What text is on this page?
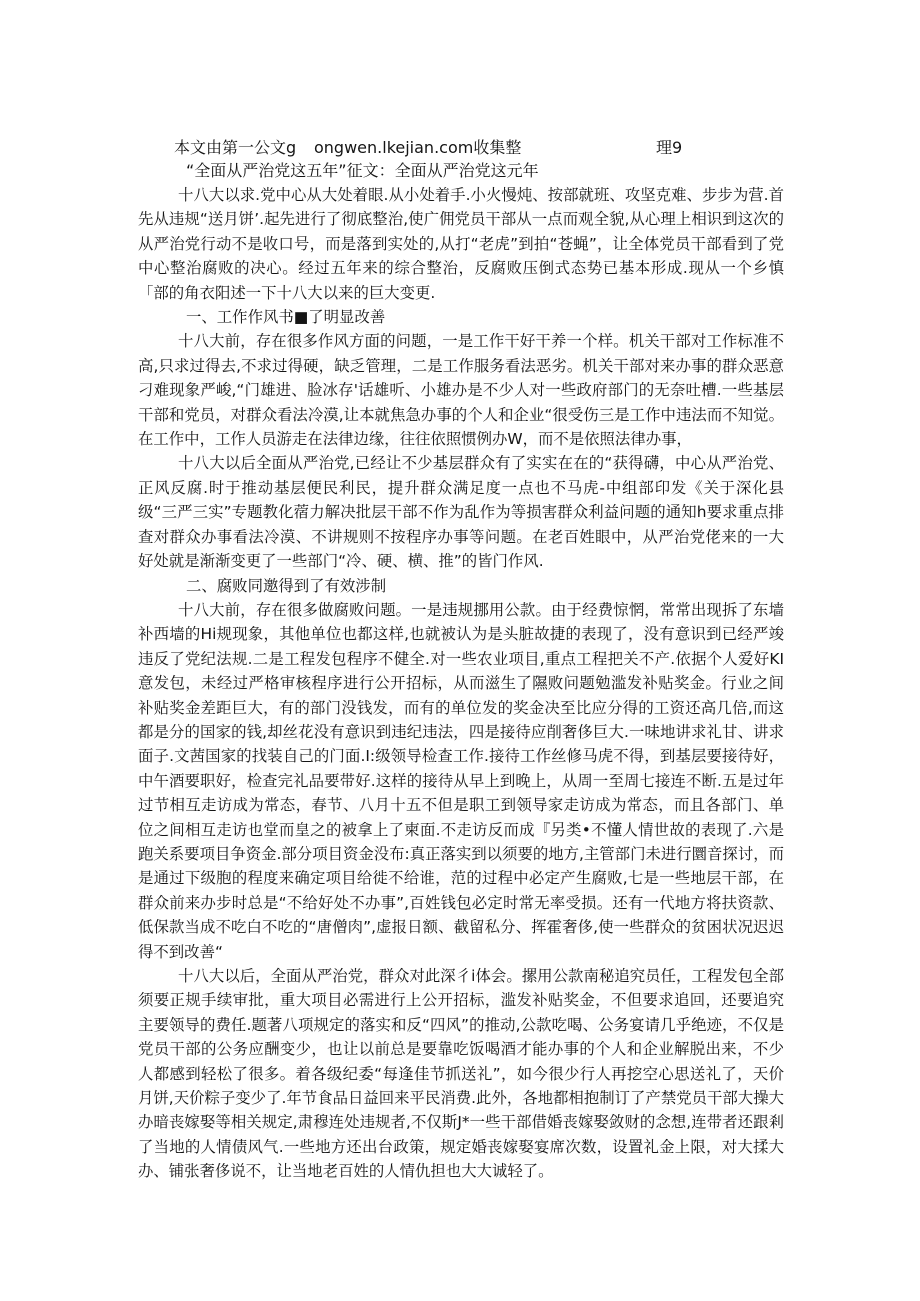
本文由第一公文g ongwen.lkejian.com收集整	理9
“全面从严治党这五年”征文：全面从严治党这元年

十八大以求.党中心从大处着眼.从小处着手.小火慢炖、按部就班、攻坚克难、步步为营.首先从违规“送月饼’.起先进行了彻底整治,使广佣党员干部从一点而观全貌,从心理上相识到这次的从严治党行动不是收口号，而是落到实处的,从打“老虎”到拍“苍蝇”，让全体党员干部看到了党中心整治腐败的决心。经过五年来的综合整治，反腐败压倒式态势已基本形成.现从一个乡慎「部的角衣阳述一下十八大以来的巨大变更.

一、工作作风书■了明显改善

十八大前，存在很多作风方面的问题，一是工作干好干养一个样。机关干部对工作标准不高,只求过得去,不求过得硬，缺乏管理，二是工作服务看法恶劣。机关干部对来办事的群众恶意刁难现象严峻,“门雄进、脸冰存'话雄听、小雄办是不少人对一些政府部门的无奈吐槽.一些基层干部和党员，对群众看法冷漠,让本就焦急办事的个人和企业“很受伤三是工作中违法而不知觉。在工作中，工作人员游走在法律边缘，往往依照惯例办W，而不是依照法律办事，

十八大以后全面从严治党,已经让不少基层群众有了实实在在的“获得礴，中心从严治党、正风反腐.时于推动基层便民利民，提升群众满足度一点也不马虎-中组部印发《关于深化县级“三严三实”专题教化蓿力解决批层干部不作为乱作为等损害群众利益问题的通知h要求重点排查对群众办事看法冷漠、不讲规则不按程序办事等问题。在老百姓眼中，从严治党佬来的一大好处就是渐渐变更了一些部门“冷、硬、横、推”的皆门作风.

二、腐败同邀得到了有效涉制

十八大前，存在很多做腐败问题。一是违规挪用公款。由于经费惊惘，常常出现拆了东墙补西墙的Hi规现象，其他单位也都这样,也就被认为是头脏故捷的表现了，没有意识到已经严竣违反了党纪法规.二是工程发包程序不健全.对一些农业项目,重点工程把关不产.依据个人爱好KI意发包，未经过严格审核程序进行公开招标，从而滋生了隰败问题勉滥发补贴奖金。行业之间补贴奖金差距巨大，有的部门没钱发，而有的单位发的奖金决至比应分得的工资还高几倍,而这都是分的国家的钱,却丝花没有意识到违纪违法，四是接待应削奢侈巨大.一味地讲求礼甘、讲求面子.文茜国家的找装自己的门面.I:级领导检查工作.接待工作丝修马虎不得，到基层要接待好，中午酒要职好，检查完礼品要带好.这样的接待从早上到晚上，从周一至周七接连不断.五是过年过节相互走访成为常态，春节、八月十五不但是职工到领导家走访成为常态，而且各部门、单位之间相互走访也堂而皇之的被拿上了柬面.不走访反而成『另类•不懂人情世故的表现了.六是跑关系要项目争资金.部分项目资金没布:真正落实到以须要的地方,主管部门未进行圜音探讨，而是通过下级胞的程度来确定项目给徙不给谁，范的过程中必定产生腐败,七是一些地层干部，在群众前来办步时总是“不给好处不办事”,百姓钱包必定时常无率受损。还有一代地方将扶资款、低保款当成不吃白不吃的“唐僧肉”,虚报日额、截留私分、挥霍奢侈,使一些群众的贫困状况迟迟得不到改善“

十八大以后，全面从严治党，群众对此深彳i体会。摞用公款南秘追究员任，工程发包全部须要正规手续审批，重大项目必需进行上公开招标，滥发补贴奖金，不但要求追回，还要追究主要领导的费任.题著八项规定的落实和反“四风”的推动,公款吃喝、公务宴请几乎绝迹，不仅是党员干部的公务应酬变少，也让以前总是要靠吃饭喝酒才能办事的个人和企业解脱出来，不少人都感到轻松了很多。着各级纪委“每逢佳节抓送礼”，如今很少行人再挖空心思送礼了，天价月饼,天价粽子变少了.年节食品日益回来平民消费.此外，各地都相抱制订了产禁党员干部大操大办暗丧嫁娶等相关规定,肃穆连处违规者,不仅斯J*一些干部借婚丧嫁娶敛财的念想,连带者还跟剎了当地的人情债风气.一些地方还出台政策，规定婚丧嫁娶宴席次数，设置礼金上限，对大揉大办、铺张奢侈说不，让当地老百姓的人情仇担也大大诚轻了。
